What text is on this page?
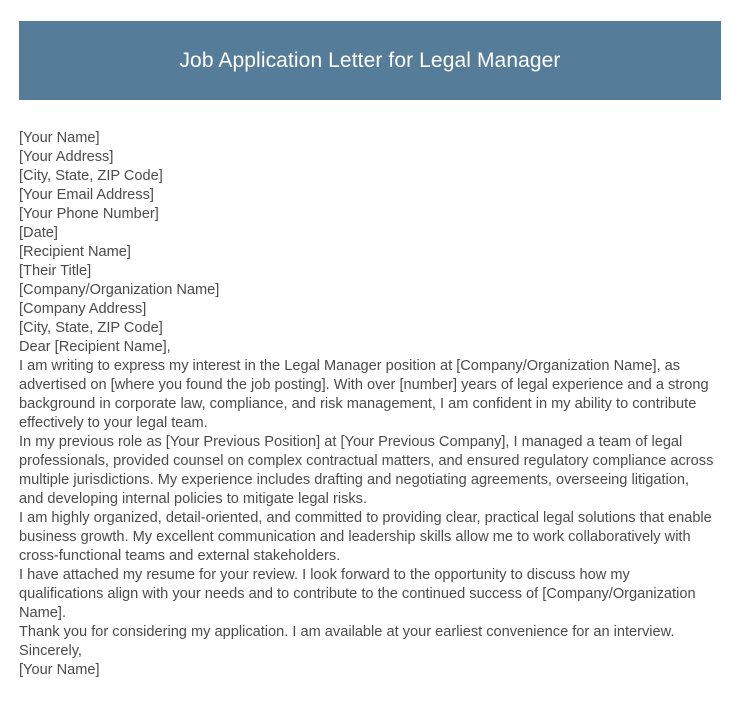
Job Application Letter for Legal Manager
[Your Name]
[Your Address]
[City, State, ZIP Code]
[Your Email Address]
[Your Phone Number]
[Date]
[Recipient Name]
[Their Title]
[Company/Organization Name]
[Company Address]
[City, State, ZIP Code]
Dear [Recipient Name],
I am writing to express my interest in the Legal Manager position at [Company/Organization Name], as advertised on [where you found the job posting]. With over [number] years of legal experience and a strong background in corporate law, compliance, and risk management, I am confident in my ability to contribute effectively to your legal team.
In my previous role as [Your Previous Position] at [Your Previous Company], I managed a team of legal professionals, provided counsel on complex contractual matters, and ensured regulatory compliance across multiple jurisdictions. My experience includes drafting and negotiating agreements, overseeing litigation, and developing internal policies to mitigate legal risks.
I am highly organized, detail-oriented, and committed to providing clear, practical legal solutions that enable business growth. My excellent communication and leadership skills allow me to work collaboratively with cross-functional teams and external stakeholders.
I have attached my resume for your review. I look forward to the opportunity to discuss how my qualifications align with your needs and to contribute to the continued success of [Company/Organization Name].
Thank you for considering my application. I am available at your earliest convenience for an interview.
Sincerely,
[Your Name]
